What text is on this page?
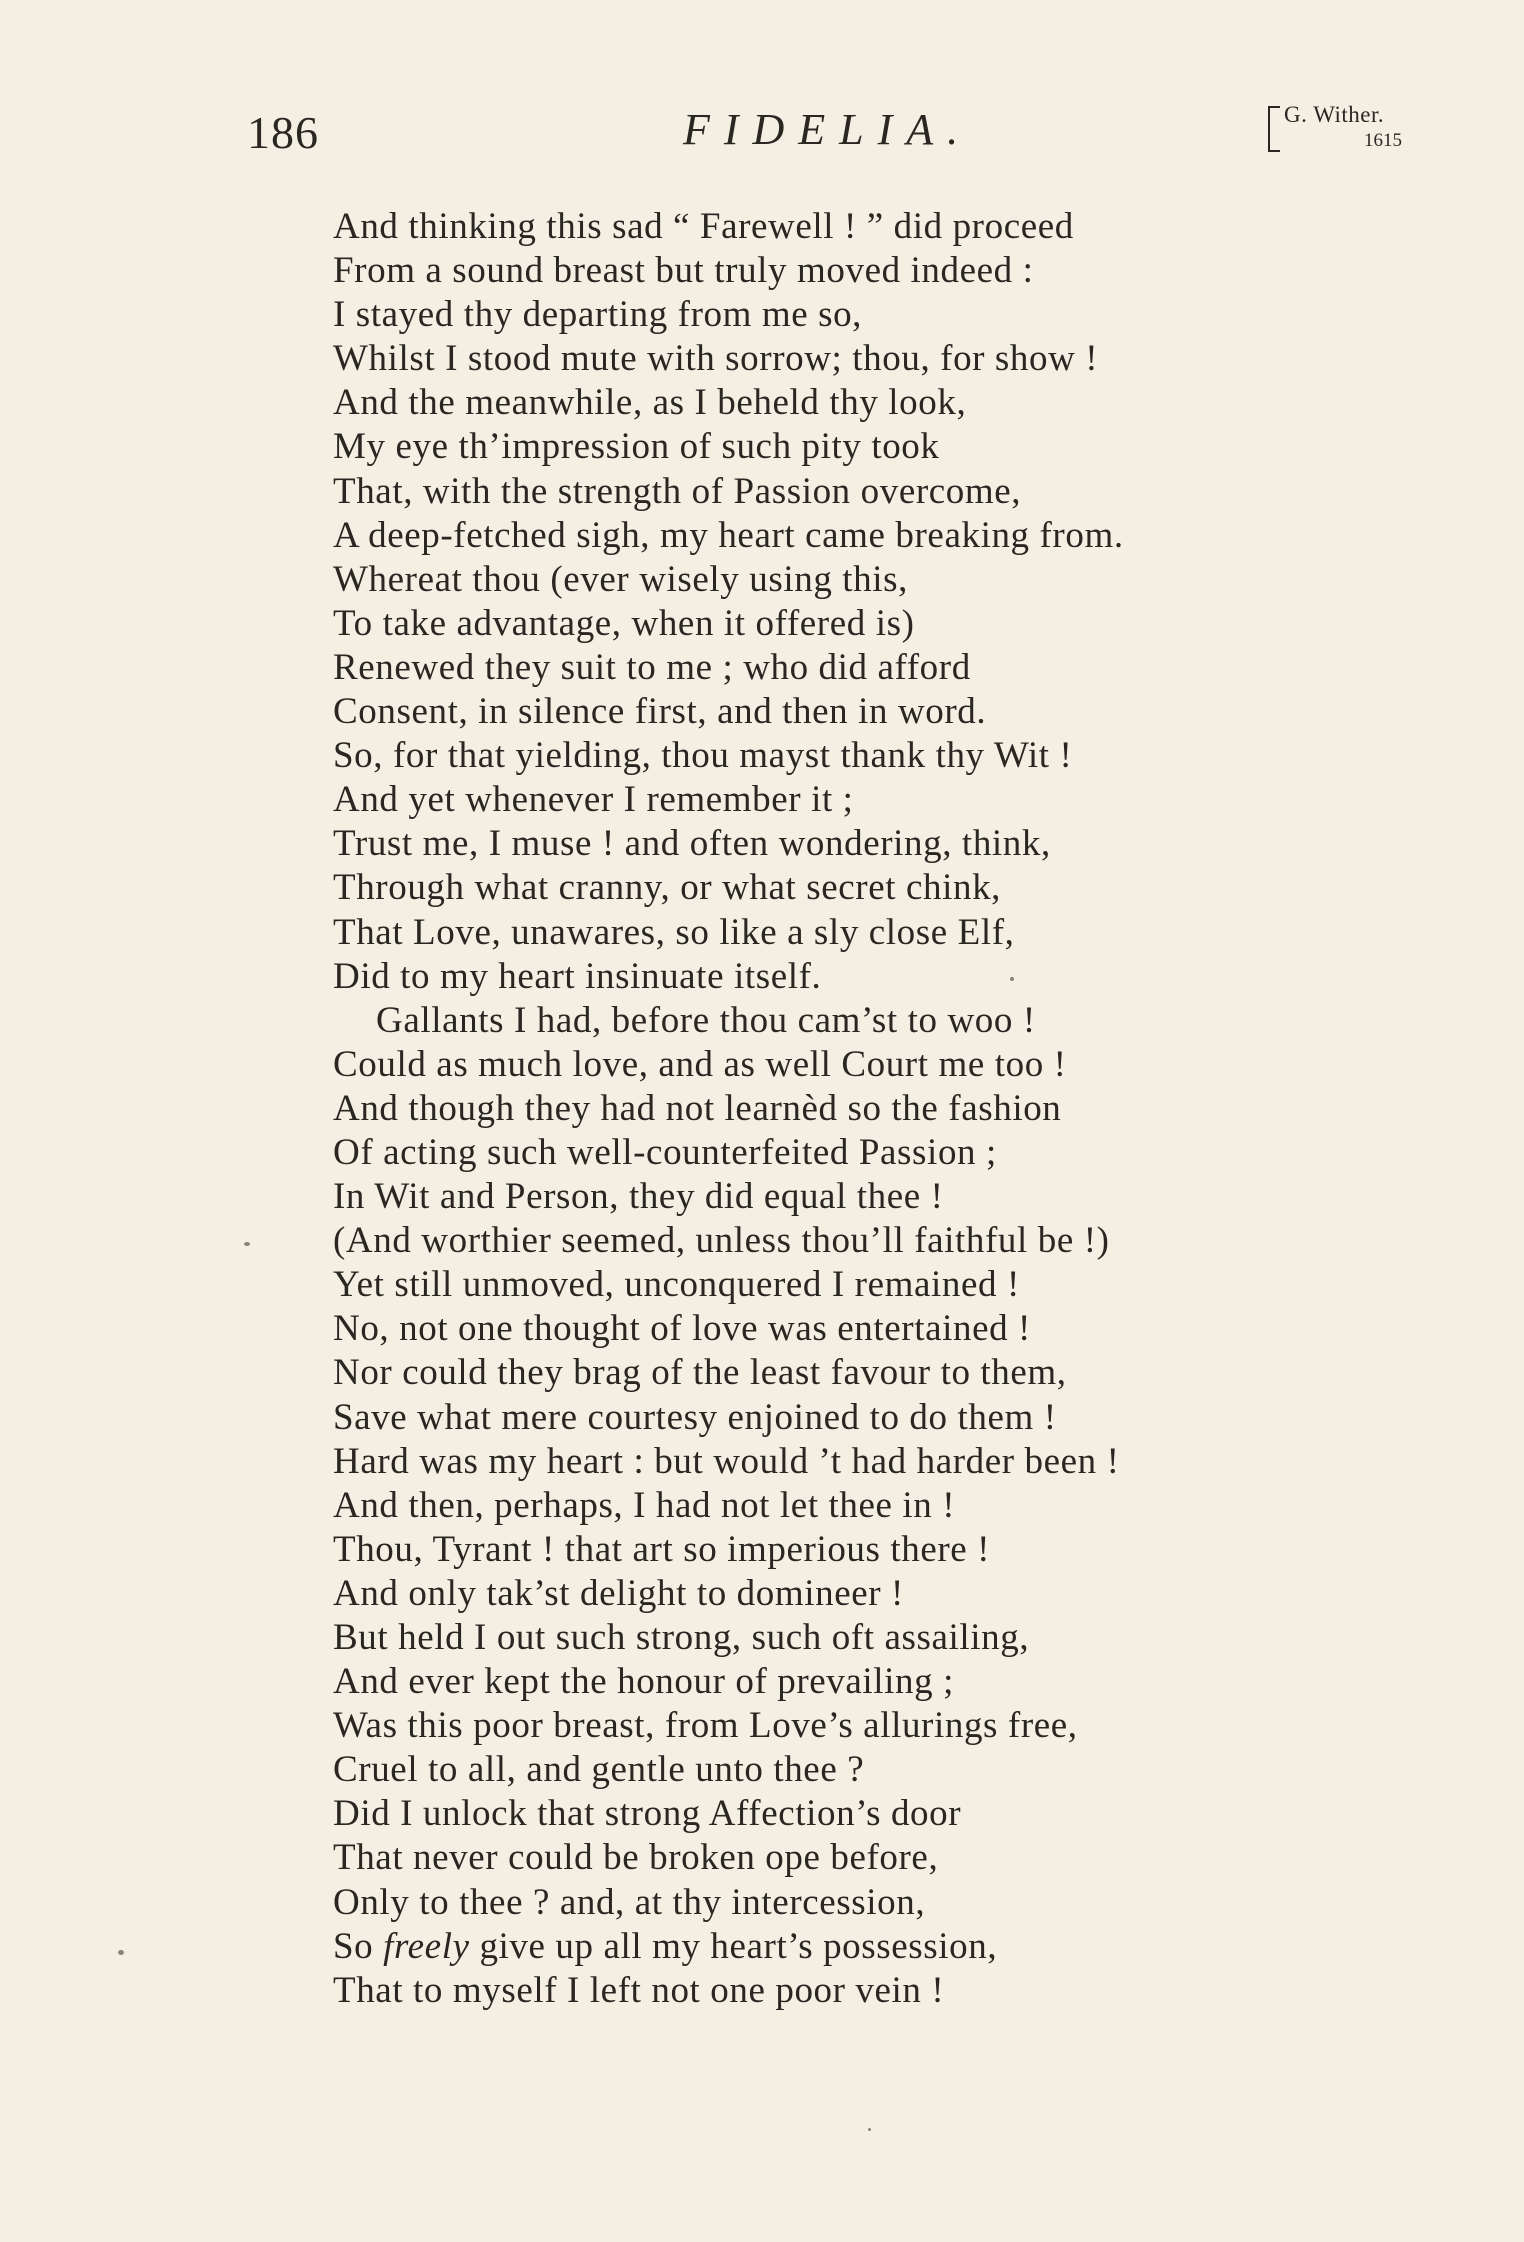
186	FIDELIA.	G. Wither.
1615
And thinking this sad “ Farewell ! ” did proceed
From a sound breast but truly moved indeed :
I stayed thy departing from me so,
Whilst I stood mute with sorrow; thou, for show !
And the meanwhile, as I beheld thy look,
My eye th’impression of such pity took
That, with the strength of Passion overcome,
A deep-fetched sigh, my heart came breaking from.
Whereat thou (ever wisely using this,
To take advantage, when it offered is)
Renewed they suit to me ; who did afford
Consent, in silence first, and then in word.
So, for that yielding, thou mayst thank thy Wit !
And yet whenever I remember it ;
Trust me, I muse ! and often wondering, think,
Through what cranny, or what secret chink,
That Love, unawares, so like a sly close Elf,
Did to my heart insinuate itself.
Gallants I had, before thou cam’st to woo !
Could as much love, and as well Court me too !
And though they had not learnèd so the fashion
Of acting such well-counterfeited Passion ;
In Wit and Person, they did equal thee !
(And worthier seemed, unless thou’ll faithful be !)
Yet still unmoved, unconquered I remained !
No, not one thought of love was entertained !
Nor could they brag of the least favour to them,
Save what mere courtesy enjoined to do them !
Hard was my heart : but would ’t had harder been !
And then, perhaps, I had not let thee in !
Thou, Tyrant ! that art so imperious there !
And only tak’st delight to domineer !
But held I out such strong, such oft assailing,
And ever kept the honour of prevailing ;
Was this poor breast, from Love’s allurings free,
Cruel to all, and gentle unto thee ?
Did I unlock that strong Affection’s door
That never could be broken ope before,
Only to thee ? and, at thy intercession,
So freely give up all my heart’s possession,
That to myself I left not one poor vein !
